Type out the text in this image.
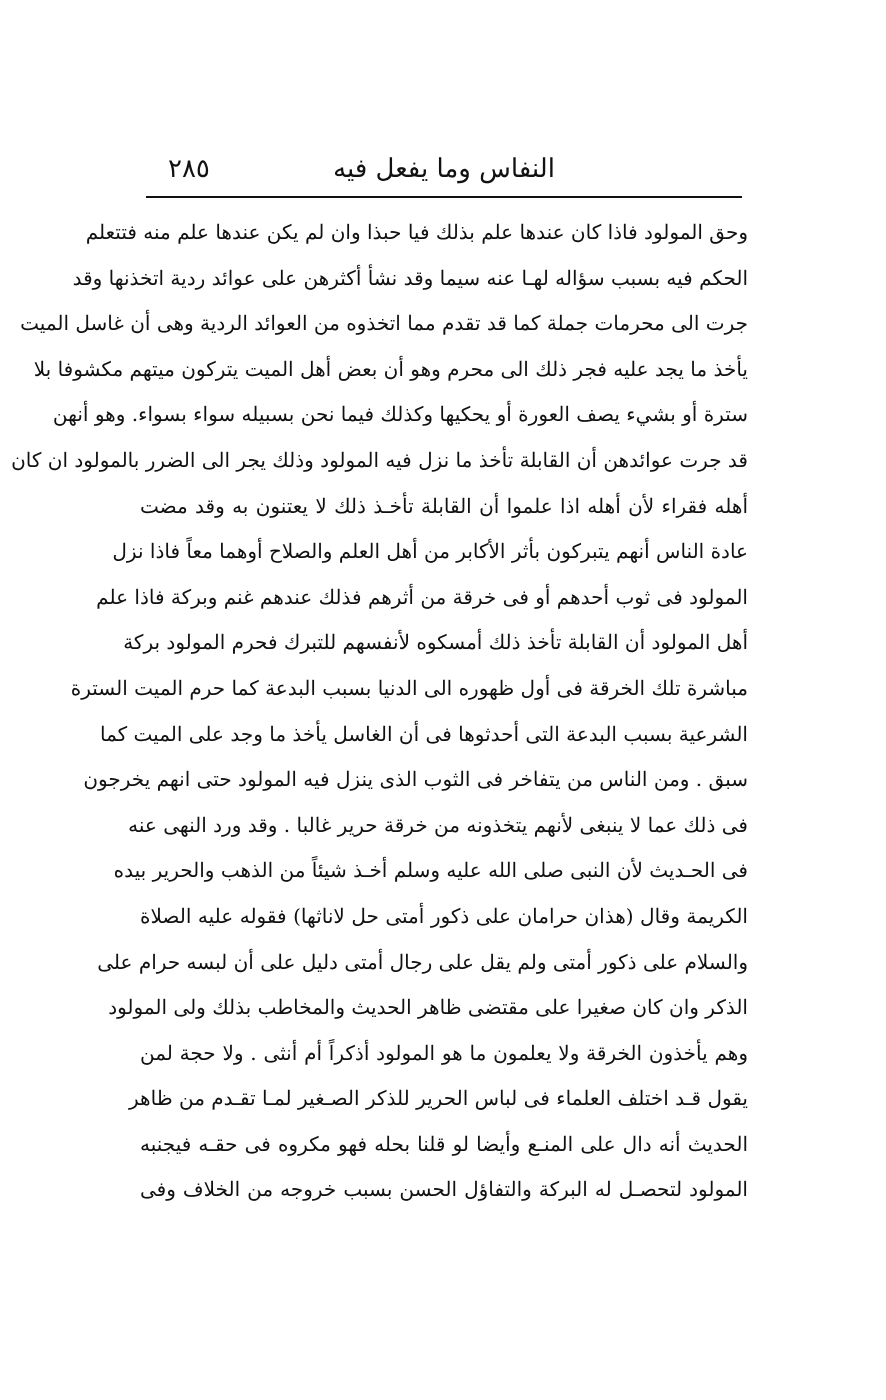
النفاس وما يفعل فيه
٢٨٥
وحق المولود فاذا كان عندها علم بذلك فيا حبذا وان لم يكن عندها علم منه فتتعلم
الحكم فيه بسبب سؤاله لهـا عنه سيما وقد نشأ أكثرهن على عوائد ردية اتخذنها وقد
جرت الى محرمات جملة كما قد تقدم مما اتخذوه من العوائد الردية وهى أن غاسل الميت
يأخذ ما يجد عليه فجر ذلك الى محرم وهو أن بعض أهل الميت يتركون ميتهم مكشوفا بلا
سترة أو بشيء يصف العورة أو يحكيها وكذلك فيما نحن بسبيله سواء بسواء. وهو أنهن
قد جرت عوائدهن أن القابلة تأخذ ما نزل فيه المولود وذلك يجر الى الضرر بالمولود ان كان
أهله فقراء لأن أهله اذا علموا أن القابلة تأخـذ ذلك لا يعتنون به وقد مضت
عادة الناس أنهم يتبركون بأثر الأكابر من أهل العلم والصلاح أوهما معاً فاذا نزل
المولود فى ثوب أحدهم أو فى خرقة من أثرهم فذلك عندهم غنم وبركة فاذا علم
أهل المولود أن القابلة تأخذ ذلك أمسكوه لأنفسهم للتبرك فحرم المولود بركة
مباشرة تلك الخرقة فى أول ظهوره الى الدنيا بسبب البدعة كما حرم الميت السترة
الشرعية بسبب البدعة التى أحدثوها فى أن الغاسل يأخذ ما وجد على الميت كما
سبق . ومن الناس من يتفاخر فى الثوب الذى ينزل فيه المولود حتى انهم يخرجون
فى ذلك عما لا ينبغى لأنهم يتخذونه من خرقة حرير غالبا . وقد ورد النهى عنه
فى الحـديث لأن النبى صلى الله عليه وسلم أخـذ شيئاً من الذهب والحرير بيده
الكريمة وقال (هذان حرامان على ذكور أمتى حل لاناثها) فقوله عليه الصلاة
والسلام على ذكور أمتى ولم يقل على رجال أمتى دليل على أن لبسه حرام على
الذكر وان كان صغيرا على مقتضى ظاهر الحديث والمخاطب بذلك ولى المولود
وهم يأخذون الخرقة ولا يعلمون ما هو المولود أذكراً أم أنثى . ولا حجة لمن
يقول قـد اختلف العلماء فى لباس الحرير للذكر الصـغير لمـا تقـدم من ظاهر
الحديث أنه دال على المنـع وأيضا لو قلنا بحله فهو مكروه فى حقـه فيجنبه
المولود لتحصـل له البركة والتفاؤل الحسن بسبب خروجه من الخلاف وفى
